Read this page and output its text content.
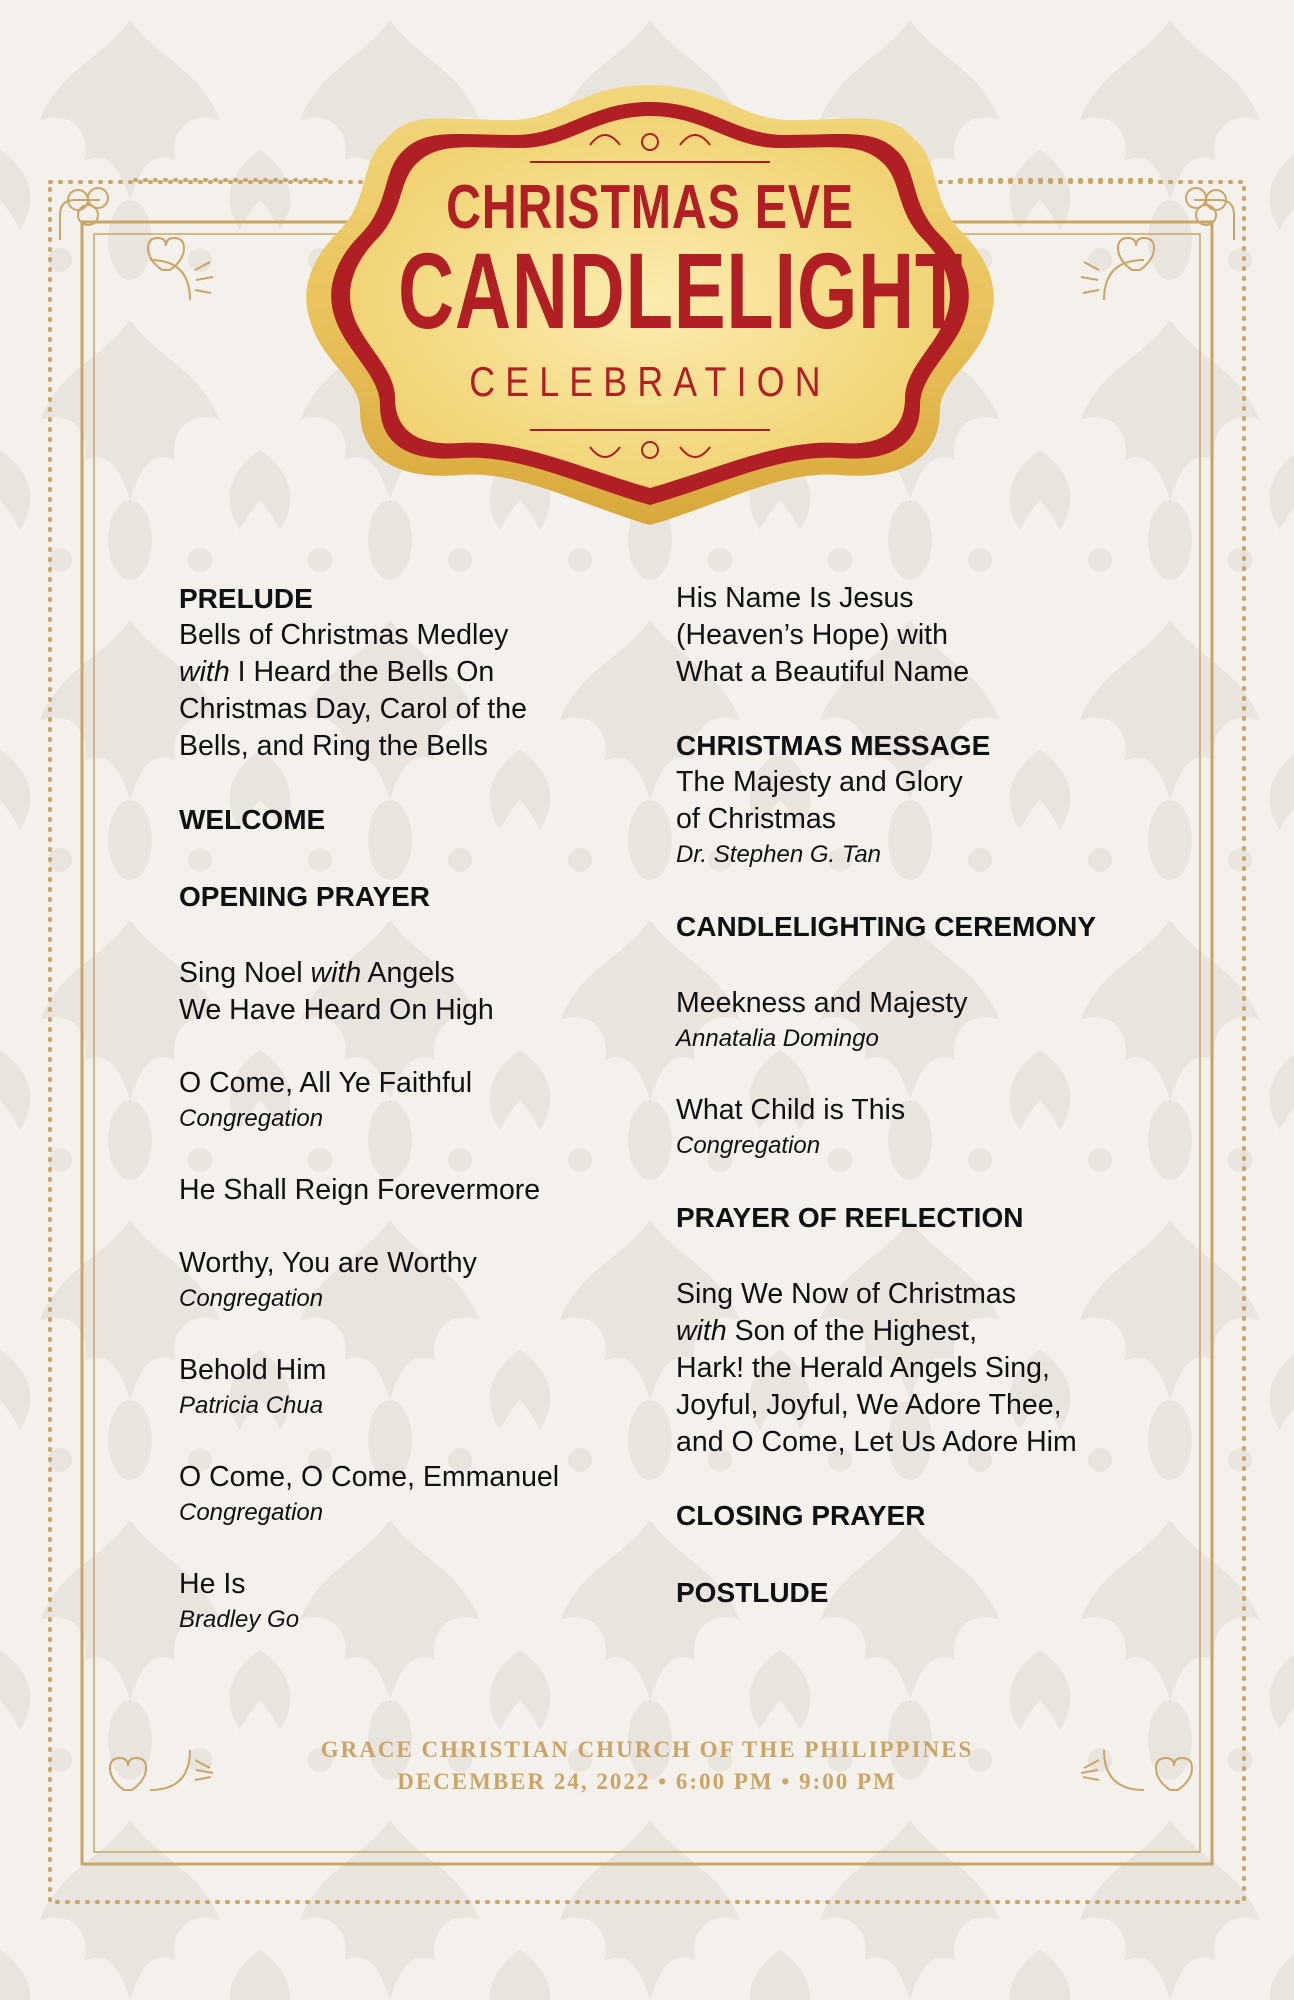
CHRISTMAS EVE
CANDLELIGHT
CELEBRATION
PRELUDE
Bells of Christmas Medley
with I Heard the Bells On
Christmas Day, Carol of the
Bells, and Ring the Bells
WELCOME
OPENING PRAYER
Sing Noel with Angels
We Have Heard On High
O Come, All Ye Faithful
Congregation
He Shall Reign Forevermore
Worthy, You are Worthy
Congregation
Behold Him
Patricia Chua
O Come, O Come, Emmanuel
Congregation
He Is
Bradley Go
His Name Is Jesus
(Heaven’s Hope) with
What a Beautiful Name
CHRISTMAS MESSAGE
The Majesty and Glory
of Christmas
Dr. Stephen G. Tan
CANDLELIGHTING CEREMONY
Meekness and Majesty
Annatalia Domingo
What Child is This
Congregation
PRAYER OF REFLECTION
Sing We Now of Christmas
with Son of the Highest,
Hark! the Herald Angels Sing,
Joyful, Joyful, We Adore Thee,
and O Come, Let Us Adore Him
CLOSING PRAYER
POSTLUDE
GRACE CHRISTIAN CHURCH OF THE PHILIPPINES
DECEMBER 24, 2022 • 6:00 PM • 9:00 PM
